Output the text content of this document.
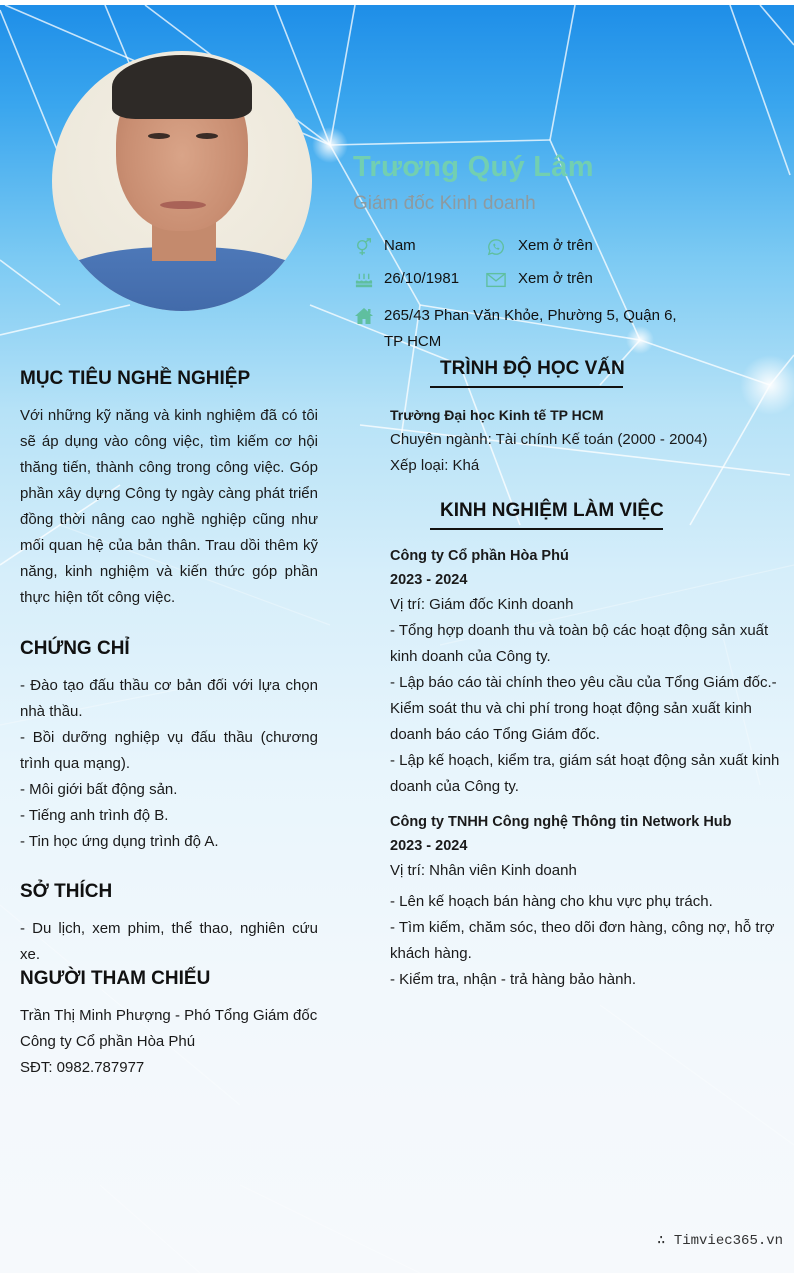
Trương Quý Lâm
Giám đốc Kinh doanh
Nam	Xem ở trên
26/10/1981	Xem ở trên
265/43 Phan Văn Khỏe, Phường 5, Quận 6, TP HCM
MỤC TIÊU NGHỀ NGHIỆP

Với những kỹ năng và kinh nghiệm đã có tôi sẽ áp dụng vào công việc, tìm kiếm cơ hội thăng tiến, thành công trong công việc. Góp phần xây dựng Công ty ngày càng phát triển đồng thời nâng cao nghề nghiệp cũng như mối quan hệ của bản thân. Trau dồi thêm kỹ năng, kinh nghiệm và kiến thức góp phần thực hiện tốt công việc.

CHỨNG CHỈ

- Đào tạo đấu thầu cơ bản đối với lựa chọn nhà thầu.

- Bồi dưỡng nghiệp vụ đấu thầu (chương trình qua mạng).

- Môi giới bất động sản.

- Tiếng anh trình độ B.

- Tin học ứng dụng trình độ A.

SỞ THÍCH

- Du lịch, xem phim, thể thao, nghiên cứu xe.

NGƯỜI THAM CHIẾU

Trần Thị Minh Phượng - Phó Tổng Giám đốc

Công ty Cổ phần Hòa Phú

SĐT: 0982.787977

TRÌNH ĐỘ HỌC VẤN
Trường Đại học Kinh tế TP HCM
Chuyên ngành: Tài chính Kế toán (2000 - 2004)
Xếp loại: Khá
KINH NGHIỆM LÀM VIỆC
Công ty Cổ phần Hòa Phú
2023 - 2024
Vị trí: Giám đốc Kinh doanh
- Tổng hợp doanh thu và toàn bộ các hoạt động sản xuất kinh doanh của Công ty.
- Lập báo cáo tài chính theo yêu cầu của Tổng Giám đốc.- Kiểm soát thu và chi phí trong hoạt động sản xuất kinh doanh báo cáo Tổng Giám đốc.
- Lập kế hoạch, kiểm tra, giám sát hoạt động sản xuất kinh doanh của Công ty.
Công ty TNHH Công nghệ Thông tin Network Hub
2023 - 2024
Vị trí: Nhân viên Kinh doanh
- Lên kế hoạch bán hàng cho khu vực phụ trách.
- Tìm kiếm, chăm sóc, theo dõi đơn hàng, công nợ, hỗ trợ khách hàng.
- Kiểm tra, nhận - trả hàng bảo hành.
∴ Timviec365.vn
